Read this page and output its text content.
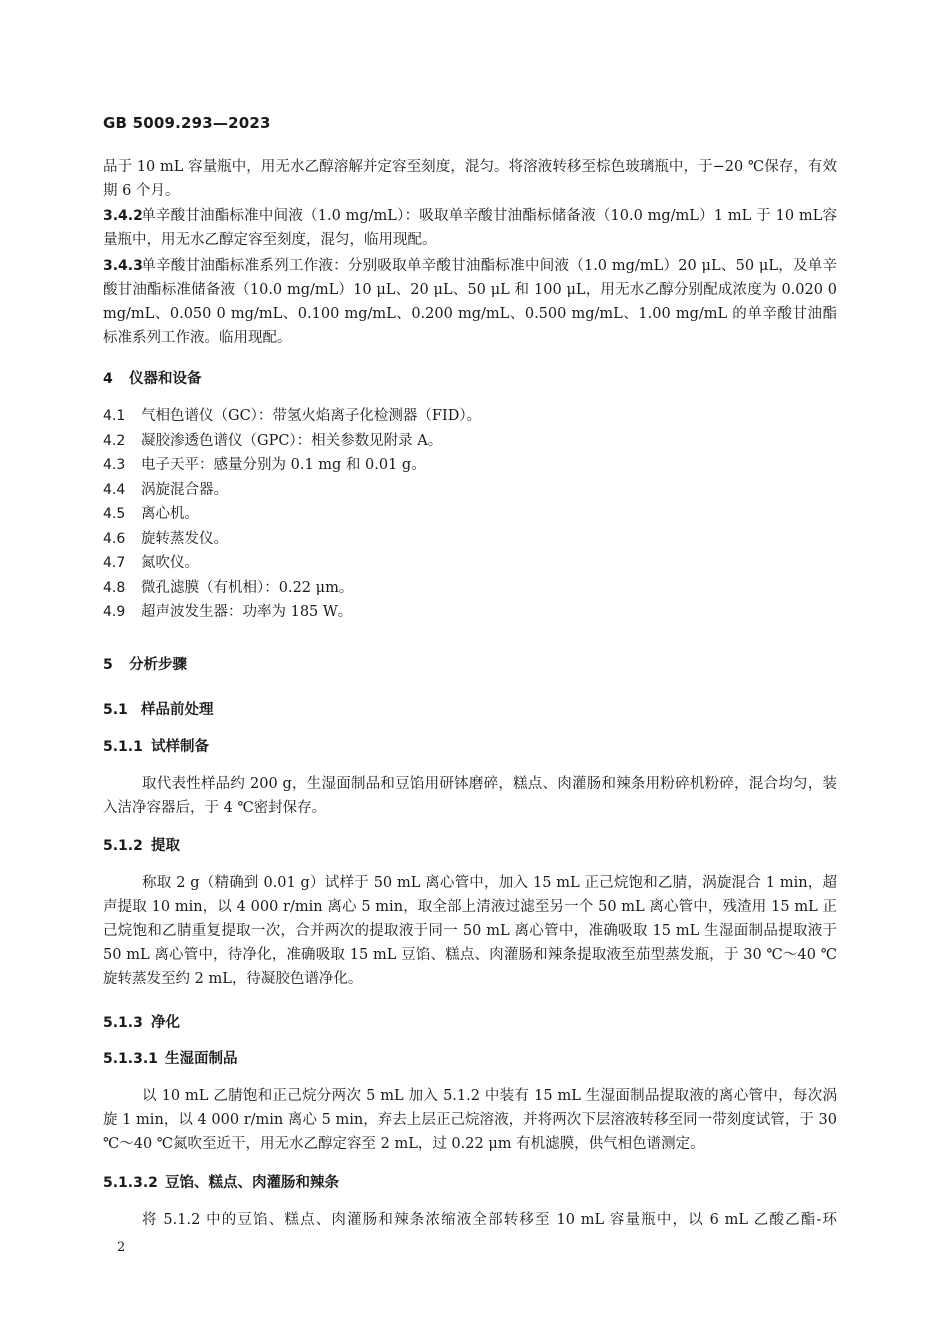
GB 5009.293—2023
品于 10 mL 容量瓶中，用无水乙醇溶解并定容至刻度，混匀。将溶液转移至棕色玻璃瓶中，于−20 ℃保存，有效期 6 个月。
3.4.2单辛酸甘油酯标准中间液（1.0 mg/mL）：吸取单辛酸甘油酯标储备液（10.0 mg/mL）1 mL 于 10 mL容量瓶中，用无水乙醇定容至刻度，混匀，临用现配。
3.4.3单辛酸甘油酯标准系列工作液：分别吸取单辛酸甘油酯标准中间液（1.0 mg/mL）20 μL、50 μL，及单辛酸甘油酯标准储备液（10.0 mg/mL）10 μL、20 μL、50 μL 和 100 μL，用无水乙醇分别配成浓度为 0.020 0 mg/mL、0.050 0 mg/mL、0.100 mg/mL、0.200 mg/mL、0.500 mg/mL、1.00 mg/mL 的单辛酸甘油酯标准系列工作液。临用现配。
4 仪器和设备
4.1 气相色谱仪（GC）：带氢火焰离子化检测器（FID）。
4.2 凝胶渗透色谱仪（GPC）：相关参数见附录 A。
4.3 电子天平：感量分别为 0.1 mg 和 0.01 g。
4.4 涡旋混合器。
4.5 离心机。
4.6 旋转蒸发仪。
4.7 氮吹仪。
4.8 微孔滤膜（有机相）：0.22 μm。
4.9 超声波发生器：功率为 185 W。
5 分析步骤
5.1 样品前处理
5.1.1 试样制备
取代表性样品约 200 g，生湿面制品和豆馅用研钵磨碎，糕点、肉灌肠和辣条用粉碎机粉碎，混合均匀，装入洁净容器后，于 4 ℃密封保存。
5.1.2 提取
称取 2 g（精确到 0.01 g）试样于 50 mL 离心管中，加入 15 mL 正己烷饱和乙腈，涡旋混合 1 min，超声提取 10 min，以 4 000 r/min 离心 5 min，取全部上清液过滤至另一个 50 mL 离心管中，残渣用 15 mL 正己烷饱和乙腈重复提取一次，合并两次的提取液于同一 50 mL 离心管中，准确吸取 15 mL 生湿面制品提取液于 50 mL 离心管中，待净化，准确吸取 15 mL 豆馅、糕点、肉灌肠和辣条提取液至茄型蒸发瓶，于 30 ℃～40 ℃旋转蒸发至约 2 mL，待凝胶色谱净化。
5.1.3 净化
5.1.3.1 生湿面制品
以 10 mL 乙腈饱和正己烷分两次 5 mL 加入 5.1.2 中装有 15 mL 生湿面制品提取液的离心管中，每次涡旋 1 min，以 4 000 r/min 离心 5 min，弃去上层正己烷溶液，并将两次下层溶液转移至同一带刻度试管，于 30 ℃～40 ℃氮吹至近干，用无水乙醇定容至 2 mL，过 0.22 μm 有机滤膜，供气相色谱测定。
5.1.3.2 豆馅、糕点、肉灌肠和辣条
将 5.1.2 中的豆馅、糕点、肉灌肠和辣条浓缩液全部转移至 10 mL 容量瓶中，以 6 mL 乙酸乙酯-环
2
